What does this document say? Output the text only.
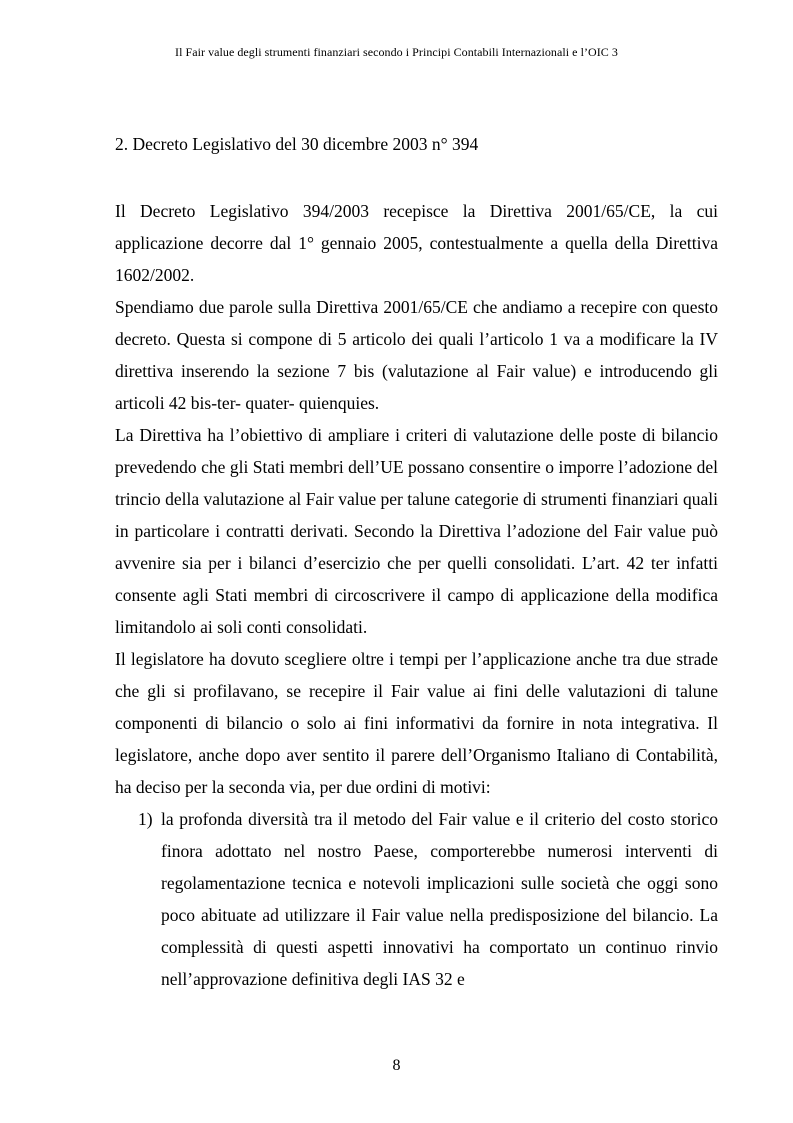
Il Fair value degli strumenti finanziari secondo i Principi Contabili Internazionali e l’OIC 3
2. Decreto Legislativo del 30 dicembre 2003 n° 394

Il Decreto Legislativo 394/2003 recepisce la Direttiva 2001/65/CE, la cui applicazione decorre dal 1° gennaio 2005, contestualmente a quella della Direttiva 1602/2002.

Spendiamo due parole sulla Direttiva 2001/65/CE che andiamo a recepire con questo decreto. Questa si compone di 5 articolo dei quali l’articolo 1 va a modificare la IV direttiva inserendo la sezione 7 bis (valutazione al Fair value) e introducendo gli articoli 42 bis-ter- quater- quienquies.

La Direttiva ha l’obiettivo di ampliare i criteri di valutazione delle poste di bilancio prevedendo che gli Stati membri dell’UE possano consentire o imporre l’adozione del trincio della valutazione al Fair value per talune categorie di strumenti finanziari quali in particolare i contratti derivati. Secondo la Direttiva l’adozione del Fair value può avvenire sia per i bilanci d’esercizio che per quelli consolidati. L’art. 42 ter infatti consente agli Stati membri di circoscrivere il campo di applicazione della modifica limitandolo ai soli conti consolidati.

Il legislatore ha dovuto scegliere oltre i tempi per l’applicazione anche tra due strade che gli si profilavano, se recepire il Fair value ai fini delle valutazioni di talune componenti di bilancio o solo ai fini informativi da fornire in nota integrativa. Il legislatore, anche dopo aver sentito il parere dell’Organismo Italiano di Contabilità, ha deciso per la seconda via, per due ordini di motivi:

1) la profonda diversità tra il metodo del Fair value e il criterio del costo storico finora adottato nel nostro Paese, comporterebbe numerosi interventi di regolamentazione tecnica e notevoli implicazioni sulle società che oggi sono poco abituate ad utilizzare il Fair value nella predisposizione del bilancio. La complessità di questi aspetti innovativi ha comportato un continuo rinvio nell’approvazione definitiva degli IAS 32 e
8
